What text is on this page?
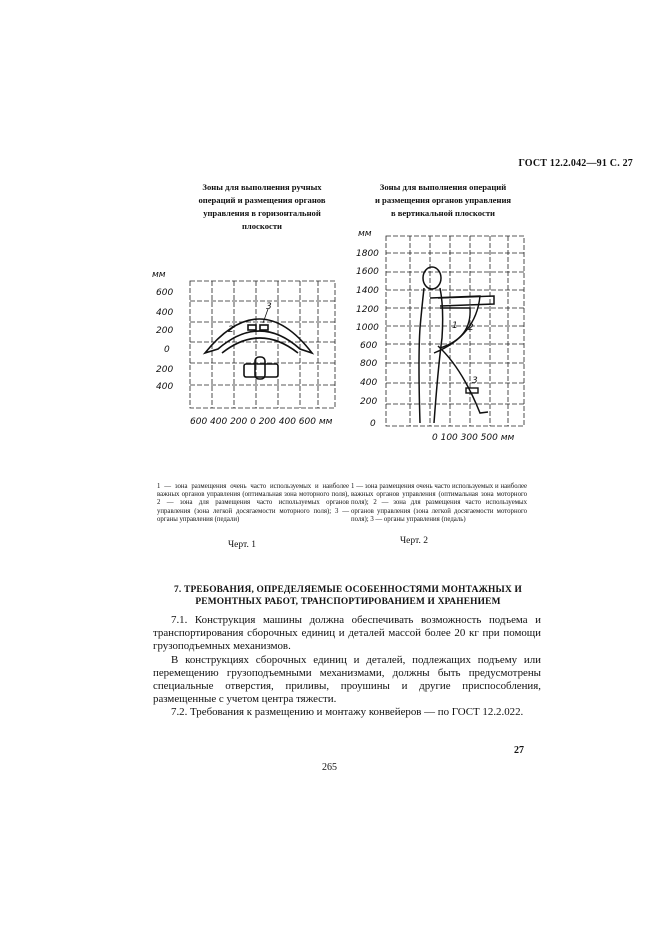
ГОСТ 12.2.042—91 С. 27
Зоны для выполнения ручных
операций и размещения органов
управления в горизонтальной
плоскости
Зоны для выполнения операций
и размещения органов управления
в вертикальной плоскости
мм
600
400
200
0
200
400
2
3
600 400 200 0 200 400 600 мм
мм
1800
1600
1400
1200
1000
800
600
400
200
0
1 2
3
0 100 300 500 мм
1 — зона размещения очень часто используемых и наиболее важных органов управления (оптимальная зона моторного поля), 2 — зона для размещения часто используемых органов управления (зона легкой досягаемости моторного поля); 3 — органы управления (педали)
1 — зона размещения очень часто используемых и наиболее важных органов управления (оптимальная зона моторного поля); 2 — зона для размещения часто используемых органов управления (зона легкой досягаемости моторного поля); 3 — органы управления (педаль)
Черт. 1	Черт. 2
7. ТРЕБОВАНИЯ, ОПРЕДЕЛЯЕМЫЕ ОСОБЕННОСТЯМИ МОНТАЖНЫХ И РЕМОНТНЫХ РАБОТ, ТРАНСПОРТИРОВАНИЕМ И ХРАНЕНИЕМ

7.1. Конструкция машины должна обеспечивать возможность подъема и транспортирования сборочных единиц и деталей массой более 20 кг при помощи грузоподъемных механизмов.

В конструкциях сборочных единиц и деталей, подлежащих подъему или перемещению грузоподъемными механизмами, должны быть предусмотрены специальные отверстия, приливы, проушины и другие приспособления, размещенные с учетом центра тяжести.

7.2. Требования к размещению и монтажу конвейеров — по ГОСТ 12.2.022.

265
27
